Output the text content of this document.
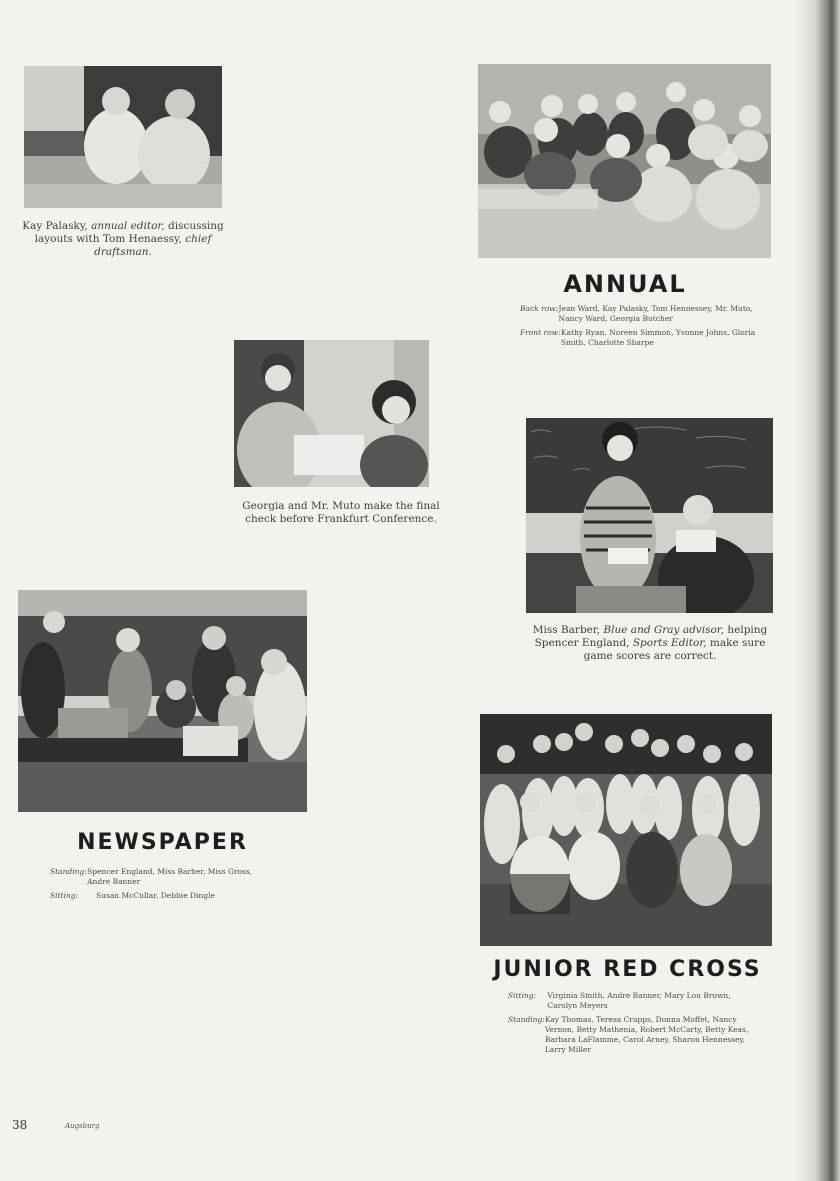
Kay Palasky, annual editor, discussing layouts with Tom Henaessy, chief draftsman.
ANNUAL
Back row: Jean Ward, Kay Palasky, Tom Hennessey, Mr. Muto, Nancy Ward, Georgia Butcher
Front row: Kathy Ryan, Noreen Simmon, Yvonne Johns, Gloria Smith, Charlotte Sharpe
Georgia and Mr. Muto make the final check before Frankfurt Conference.
Miss Barber, Blue and Gray advisor, helping Spencer England, Sports Editor, make sure game scores are correct.
NEWSPAPER
Standing: Spencer England, Miss Barber, Miss Gross, Andre Banner
Sitting:	Susan McCullar, Debbie Dingle
JUNIOR RED CROSS
Sitting:	Virginia Smith, Andre Banner, Mary Lou Brown, Carolyn Meyers
Standing: Kay Thomas, Teresa Crapps, Donna Moffet, Nancy Vernon, Betty Mathenia, Robert McCarty, Betty Keas, Barbara LaFlamme, Carol Arney, Sharon Hennessey, Larry Miller
38	Augsburg
